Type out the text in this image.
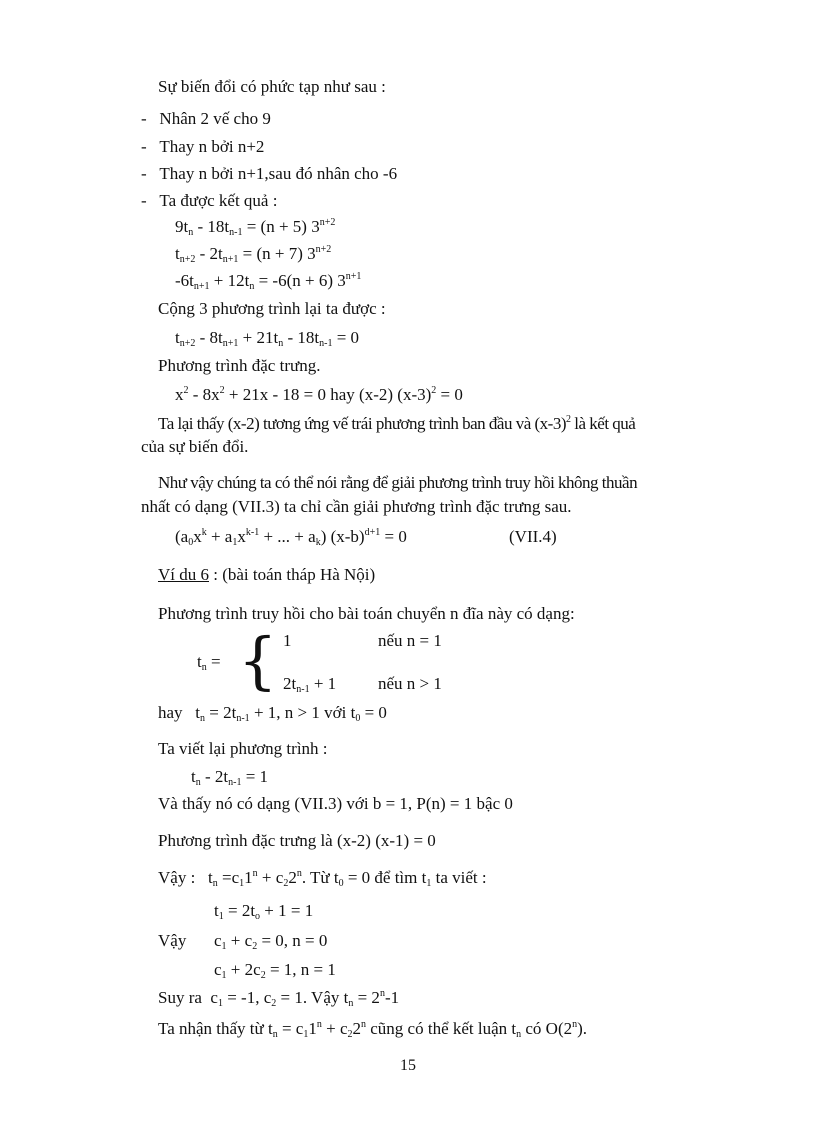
Sự biến đổi có phức tạp như sau :
-   Nhân 2 vế cho 9
-   Thay n bởi n+2
-   Thay n bởi n+1,sau đó nhân cho -6
-   Ta được kết quả :
$9t_n - 18t_{n-1} = (n + 5)$ $3^{n+2}$
$t_{n+2} - 2t_{n+1} = (n + 7)$ $3^{n+2}$
$-6t_{n+1} + 12t_n = -6(n + 6)$ $3^{n+1}$
Cộng 3 phương trình lại ta được :
$t_{n+2} - 8t_{n+1} + 21t_n - 18t_{n-1} = 0$
Phương trình đặc trưng.
$x^2 - 8x^2 + 21x - 18 = 0$ hay (x-2) $(x-3)^2 = 0$
Ta lại thấy (x-2) tương ứng vế trái phương trình ban đầu và $(x-3)^2$ là kết quả
của sự biến đổi.
Như vậy chúng ta có thể nói rằng để giải phương trình truy hồi không thuần
nhất có dạng (VII.3) ta chỉ cần giải phương trình đặc trưng sau.
($a_0x^k + a_1x^{k-1}$ + ... + $a_k$) $(x-b)^{d+1} = 0$	(VII.4)
Ví du 6 : (bài toán tháp Hà Nội)
Phương trình truy hồi cho bài toán chuyển n đĩa này có dạng:
$t_n$ = { 1	nếu n = 1
$2t_{n-1} + 1$ nếu n > 1
hay   $t_n = 2t_{n-1} + 1$, n > 1 với $t_0 = 0$
Ta viết lại phương trình :
$t_n - 2t_{n-1} = 1$
Và thấy nó có dạng (VII.3) với b = 1, P(n) = 1 bậc 0
Phương trình đặc trưng là (x-2) (x-1) = 0
Vậy :   $t_n =c_11^n + c_22^n$. Từ $t_0 = 0$ để tìm $t_1$ ta viết :
$t_1 = 2t_o + 1 = 1$
Vậy $c_1 + c_2 = 0$, n = 0
$c_1 + 2c_2 = 1$, n = 1
Suy ra  $c_1 = -1$, $c_2 = 1$. Vậy $t_n = 2^n-1$
Ta nhận thấy từ $t_n = c_11^n + c_22^n$ cũng có thể kết luận $t_n$ có O(2$^n$).
15
